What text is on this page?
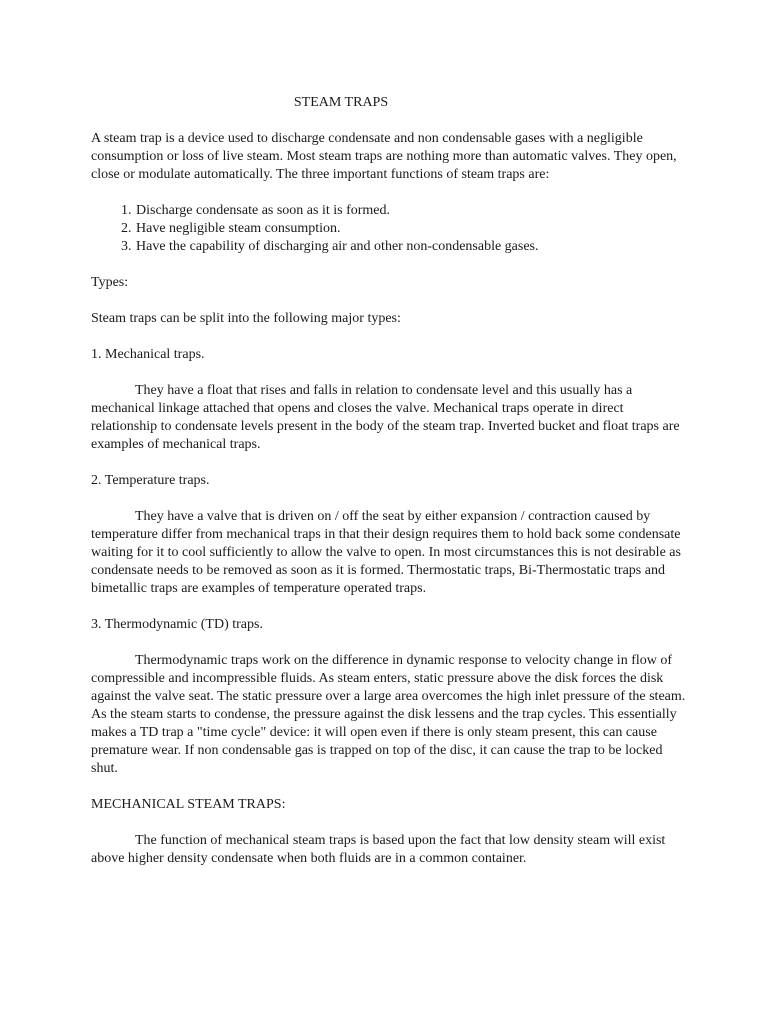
STEAM TRAPS

A steam trap is a device used to discharge condensate and non condensable gases with a negligible consumption or loss of live steam. Most steam traps are nothing more than automatic valves. They open, close or modulate automatically. The three important functions of steam traps are:

1. Discharge condensate as soon as it is formed.
2. Have negligible steam consumption.
3. Have the capability of discharging air and other non-condensable gases.

Types:

Steam traps can be split into the following major types:

1. Mechanical traps.

They have a float that rises and falls in relation to condensate level and this usually has a mechanical linkage attached that opens and closes the valve. Mechanical traps operate in direct relationship to condensate levels present in the body of the steam trap. Inverted bucket and float traps are examples of mechanical traps.

2. Temperature traps.

They have a valve that is driven on / off the seat by either expansion / contraction caused by temperature differ from mechanical traps in that their design requires them to hold back some condensate waiting for it to cool sufficiently to allow the valve to open. In most circumstances this is not desirable as condensate needs to be removed as soon as it is formed. Thermostatic traps, Bi-Thermostatic traps and bimetallic traps are examples of temperature operated traps.

3. Thermodynamic (TD) traps.

Thermodynamic traps work on the difference in dynamic response to velocity change in flow of compressible and incompressible fluids. As steam enters, static pressure above the disk forces the disk against the valve seat. The static pressure over a large area overcomes the high inlet pressure of the steam. As the steam starts to condense, the pressure against the disk lessens and the trap cycles. This essentially makes a TD trap a "time cycle" device: it will open even if there is only steam present, this can cause premature wear. If non condensable gas is trapped on top of the disc, it can cause the trap to be locked shut.

MECHANICAL STEAM TRAPS:

The function of mechanical steam traps is based upon the fact that low density steam will exist above higher density condensate when both fluids are in a common container.
